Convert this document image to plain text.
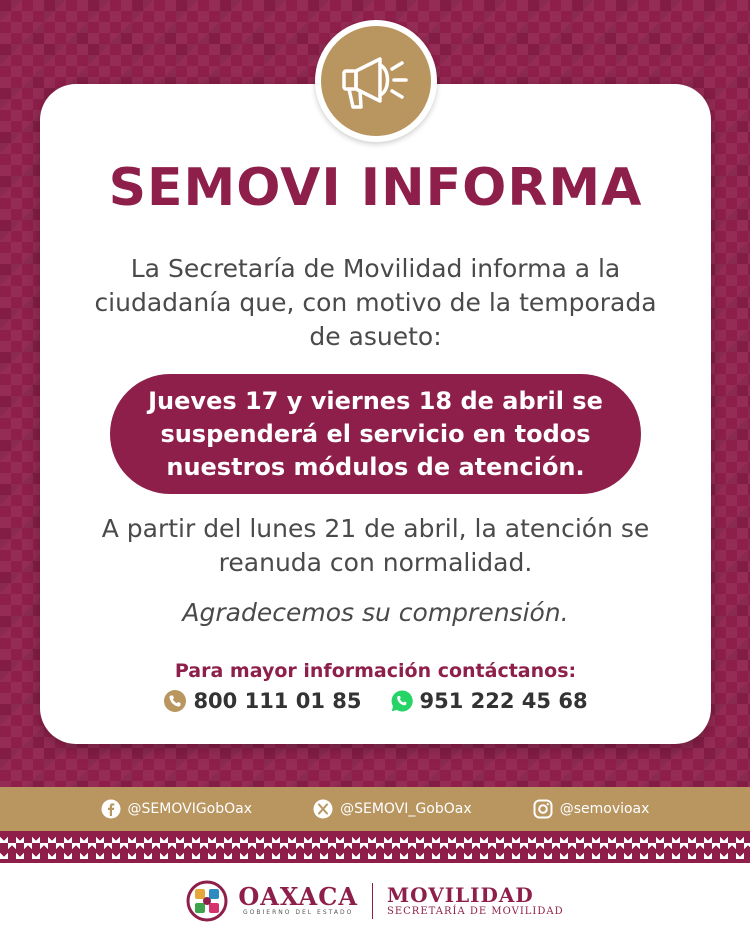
SEMOVI INFORMA
La Secretaría de Movilidad informa a la ciudadanía que, con motivo de la temporada de asueto:
Jueves 17 y viernes 18 de abril se suspenderá el servicio en todos nuestros módulos de atención.
A partir del lunes 21 de abril, la atención se reanuda con normalidad.
Agradecemos su comprensión.
Para mayor información contáctanos:
800 111 01 85	951 222 45 68
@SEMOVIGobOax	@SEMOVI_GobOax	@semovioax
OAXACA
GOBIERNO DEL ESTADO
MOVILIDAD
SECRETARÍA DE MOVILIDAD
